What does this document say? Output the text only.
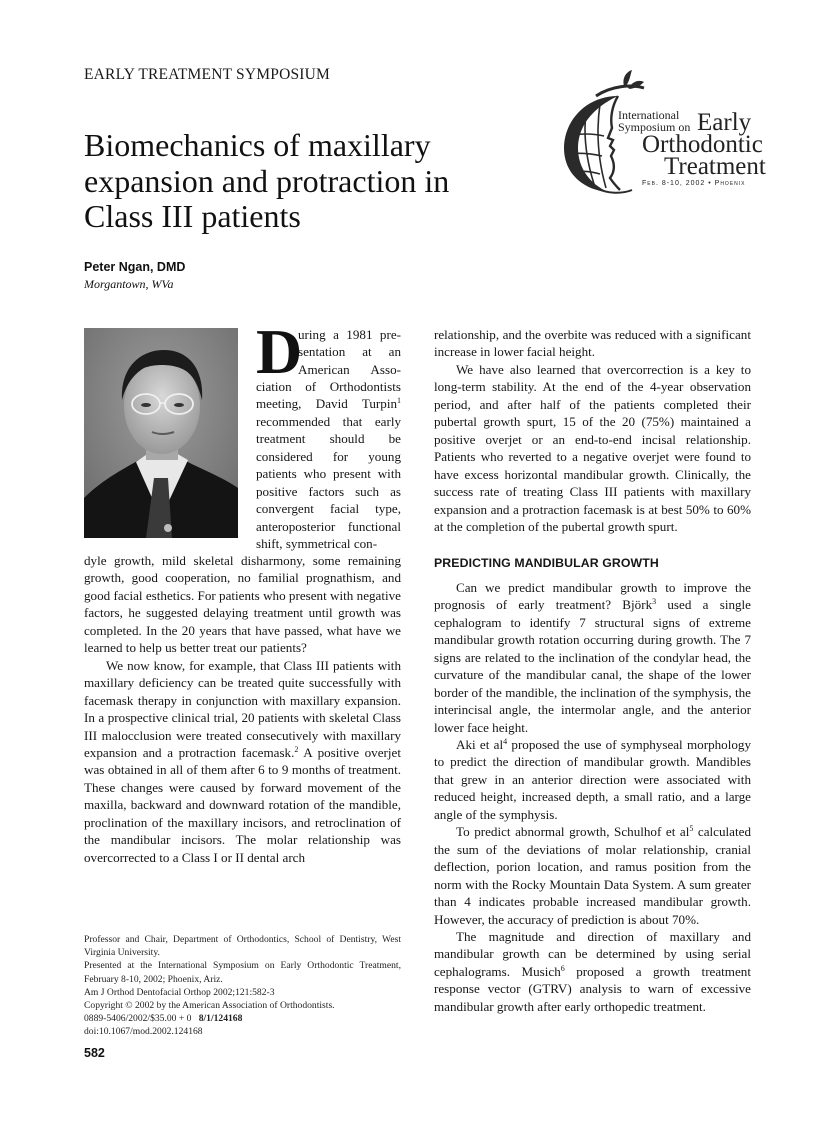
EARLY TREATMENT SYMPOSIUM
Biomechanics of maxillary
expansion and protraction in
Class III patients
Peter Ngan, DMD
Morgantown, WVa
International
Symposium on Early
Orthodontic
Treatment
Feb. 8-10, 2002 • Phoenix
D
uring a 1981 pre-
sentation at an
American Asso-

ciation of Orthodontists meeting, David Turpin$^1$ recommended that early treatment should be considered for young patients who present with positive factors such as convergent facial type, anteroposterior functional shift, symmetrical con-

dyle growth, mild skeletal disharmony, some remaining growth, good cooperation, no familial prognathism, and good facial esthetics. For patients who present with negative factors, he suggested delaying treatment until growth was completed. In the 20 years that have passed, what have we learned to help us better treat our patients?

We now know, for example, that Class III patients with maxillary deficiency can be treated quite successfully with facemask therapy in conjunction with maxillary expansion. In a prospective clinical trial, 20 patients with skeletal Class III malocclusion were treated consecutively with maxillary expansion and a protraction facemask.$^2$ A positive overjet was obtained in all of them after 6 to 9 months of treatment. These changes were caused by forward movement of the maxilla, backward and downward rotation of the mandible, proclination of the maxillary incisors, and retroclination of the mandibular incisors. The molar relationship was overcorrected to a Class I or II dental arch

relationship, and the overbite was reduced with a significant increase in lower facial height.

We have also learned that overcorrection is a key to long-term stability. At the end of the 4-year observation period, and after half of the patients completed their pubertal growth spurt, 15 of the 20 (75%) maintained a positive overjet or an end-to-end incisal relationship. Patients who reverted to a negative overjet were found to have excess horizontal mandibular growth. Clinically, the success rate of treating Class III patients with maxillary expansion and a protraction facemask is at best 50% to 60% at the completion of the pubertal growth spurt.

PREDICTING MANDIBULAR GROWTH

Can we predict mandibular growth to improve the prognosis of early treatment? Björk$^3$ used a single cephalogram to identify 7 structural signs of extreme mandibular growth rotation occurring during growth. The 7 signs are related to the inclination of the condylar head, the curvature of the mandibular canal, the shape of the lower border of the mandible, the inclination of the symphysis, the interincisal angle, the intermolar angle, and the anterior lower face height.

Aki et $al^4$ proposed the use of symphyseal morphology to predict the direction of mandibular growth. Mandibles that grew in an anterior direction were associated with reduced height, increased depth, a small ratio, and a large angle of the symphysis.

To predict abnormal growth, Schulhof et $al^5$ calculated the sum of the deviations of molar relationship, cranial deflection, porion location, and ramus position from the norm with the Rocky Mountain Data System. A sum greater than 4 indicates probable increased mandibular growth. However, the accuracy of prediction is about 70%.

The magnitude and direction of maxillary and mandibular growth can be determined by using serial cephalograms. Musich$^6$ proposed a growth treatment response vector (GTRV) analysis to warn of excessive mandibular growth after early orthopedic treatment.

Professor and Chair, Department of Orthodontics, School of Dentistry, West Virginia University.
Presented at the International Symposium on Early Orthodontic Treatment, February 8-10, 2002; Phoenix, Ariz.
Am J Orthod Dentofacial Orthop 2002;121:582-3
Copyright © 2002 by the American Association of Orthodontists.
0889-5406/2002/$35.00 + 0 8/1/124168
doi:10.1067/mod.2002.124168
582
